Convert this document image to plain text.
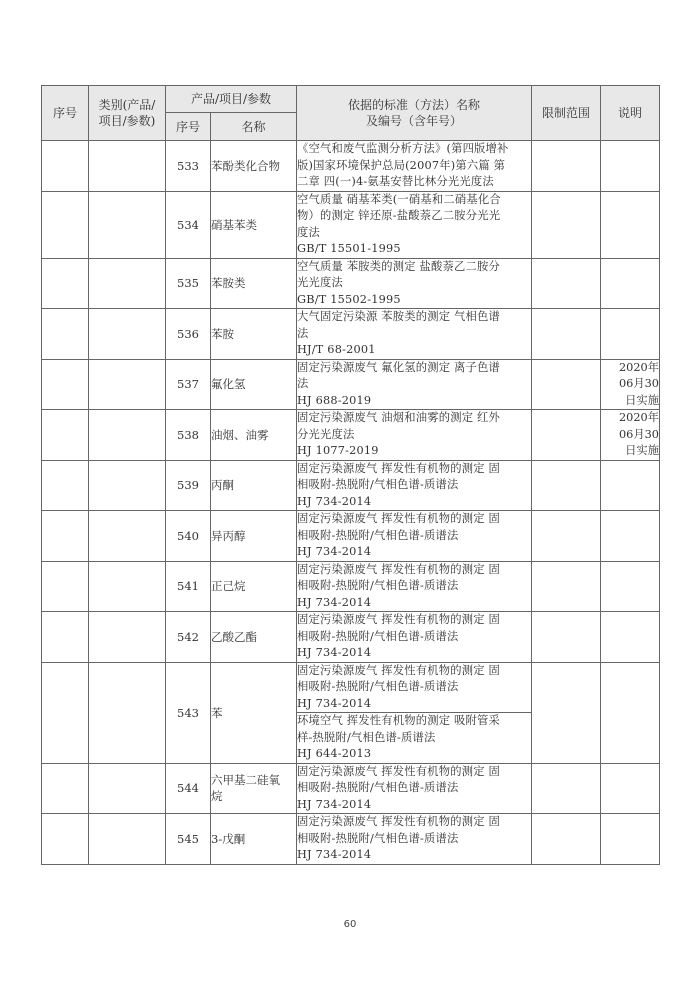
序号	类别(产品/
项目/参数)	产品/项目/参数		依据的标准（方法）名称
及编号（含年号）	限制范围	说明
		序号	名称			
		533	苯酚类化合物	《空气和废气监测分析方法》(第四版增补
版)国家环境保护总局(2007年)第六篇 第
二章 四(一)4-氨基安替比林分光光度法		

		534	硝基苯类	空气质量 硝基苯类(一硝基和二硝基化合
物）的测定 锌还原-盐酸萘乙二胺分光光
度法
GB/T 15501-1995		

		535	苯胺类	空气质量 苯胺类的测定 盐酸萘乙二胺分
光光度法
GB/T 15502-1995		

		536	苯胺	大气固定污染源 苯胺类的测定 气相色谱
法
HJ/T 68-2001		

		537	氟化氢	固定污染源废气 氟化氢的测定 离子色谱
法
HJ 688-2019		2020年
06月30
日实施

		538	油烟、油雾	固定污染源废气 油烟和油雾的测定 红外
分光光度法
HJ 1077-2019		2020年
06月30
日实施

		539	丙酮	固定污染源废气 挥发性有机物的测定 固
相吸附-热脱附/气相色谱-质谱法
HJ 734-2014		

		540	异丙醇	固定污染源废气 挥发性有机物的测定 固
相吸附-热脱附/气相色谱-质谱法
HJ 734-2014		

		541	正己烷	固定污染源废气 挥发性有机物的测定 固
相吸附-热脱附/气相色谱-质谱法
HJ 734-2014		

		542	乙酸乙酯	固定污染源废气 挥发性有机物的测定 固
相吸附-热脱附/气相色谱-质谱法
HJ 734-2014		

		543	苯	固定污染源废气 挥发性有机物的测定 固
相吸附-热脱附/气相色谱-质谱法
HJ 734-2014		

				环境空气 挥发性有机物的测定 吸附管采
样-热脱附/气相色谱-质谱法
HJ 644-2013		

		544	六甲基二硅氧
烷	固定污染源废气 挥发性有机物的测定 固
相吸附-热脱附/气相色谱-质谱法
HJ 734-2014		

		545	3-戊酮	固定污染源废气 挥发性有机物的测定 固
相吸附-热脱附/气相色谱-质谱法
HJ 734-2014		

60
